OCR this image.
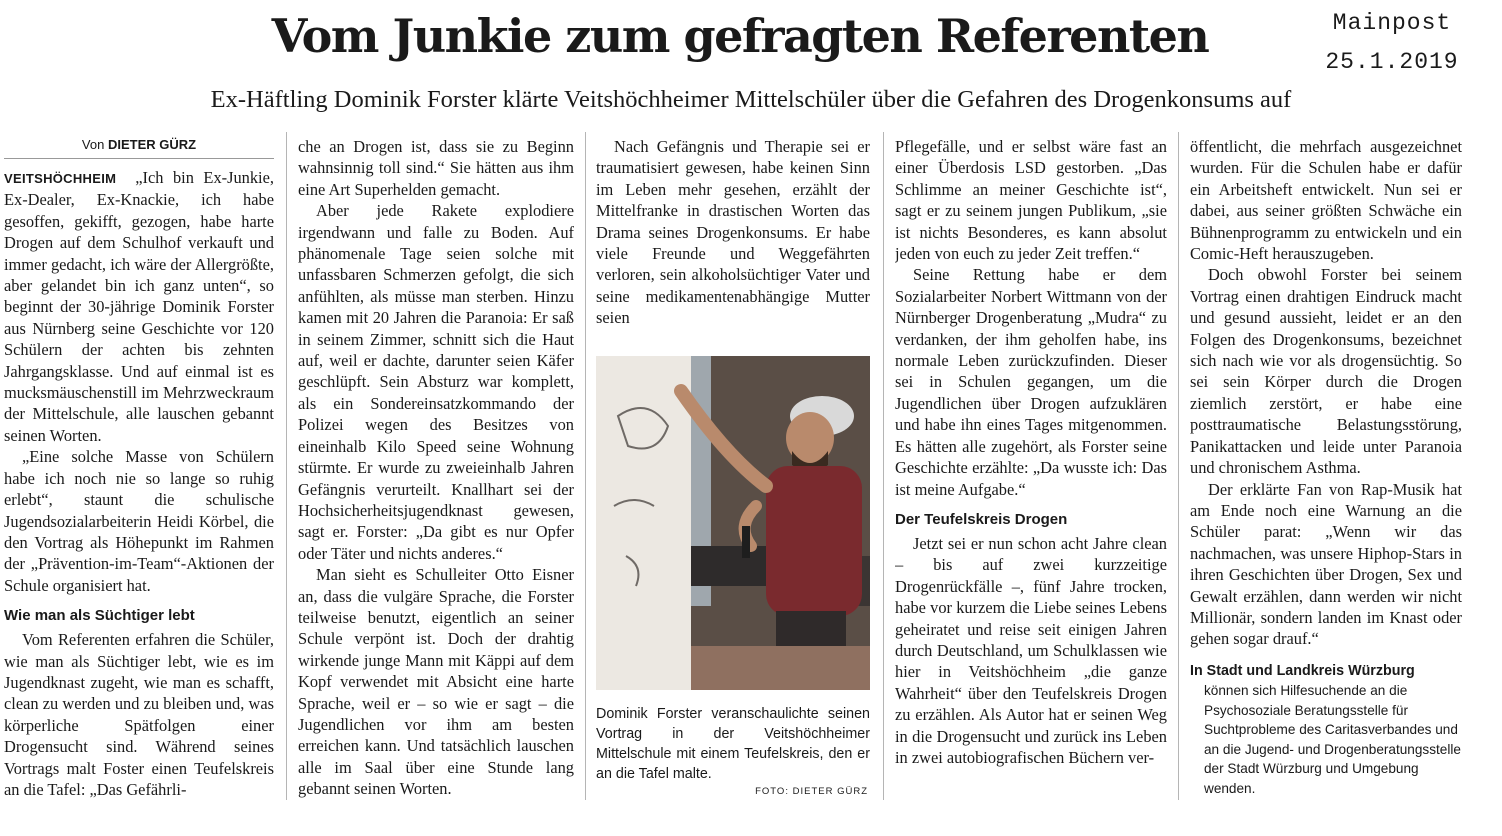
Mainpost
25.1.2019
Vom Junkie zum gefragten Referenten
Ex-Häftling Dominik Forster klärte Veitshöchheimer Mittelschüler über die Gefahren des Drogenkonsums auf
Von DIETER GÜRZ

VEITSHÖCHHEIM „Ich bin Ex-Junkie, Ex-Dealer, Ex-Knackie, ich habe gesoffen, gekifft, gezogen, habe harte Drogen auf dem Schulhof verkauft und immer gedacht, ich wäre der Allergrößte, aber gelandet bin ich ganz unten“, so beginnt der 30-jährige Dominik Forster aus Nürnberg seine Geschichte vor 120 Schülern der achten bis zehnten Jahrgangsklasse. Und auf einmal ist es mucksmäuschenstill im Mehrzweckraum der Mittelschule, alle lauschen gebannt seinen Worten.

„Eine solche Masse von Schülern habe ich noch nie so lange so ruhig erlebt“, staunt die schulische Jugendsozialarbeiterin Heidi Körbel, die den Vortrag als Höhepunkt im Rahmen der „Prävention-im-Team“-Aktionen der Schule organisiert hat.

Wie man als Süchtiger lebt

Vom Referenten erfahren die Schüler, wie man als Süchtiger lebt, wie es im Jugendknast zugeht, wie man es schafft, clean zu werden und zu bleiben und, was körperliche Spätfolgen einer Drogensucht sind. Während seines Vortrags malt Foster einen Teufelskreis an die Tafel: „Das Gefährli-

che an Drogen ist, dass sie zu Beginn wahnsinnig toll sind.“ Sie hätten aus ihm eine Art Superhelden gemacht.

Aber jede Rakete explodiere irgendwann und falle zu Boden. Auf phänomenale Tage seien solche mit unfassbaren Schmerzen gefolgt, die sich anfühlten, als müsse man sterben. Hinzu kamen mit 20 Jahren die Paranoia: Er saß in seinem Zimmer, schnitt sich die Haut auf, weil er dachte, darunter seien Käfer geschlüpft. Sein Absturz war komplett, als ein Sondereinsatzkommando der Polizei wegen des Besitzes von eineinhalb Kilo Speed seine Wohnung stürmte. Er wurde zu zweieinhalb Jahren Gefängnis verurteilt. Knallhart sei der Hochsicherheitsjugendknast gewesen, sagt er. Forster: „Da gibt es nur Opfer oder Täter und nichts anderes.“

Man sieht es Schulleiter Otto Eisner an, dass die vulgäre Sprache, die Forster teilweise benutzt, eigentlich an seiner Schule verpönt ist. Doch der drahtig wirkende junge Mann mit Käppi auf dem Kopf verwendet mit Absicht eine harte Sprache, weil er – so wie er sagt – die Jugendlichen vor ihm am besten erreichen kann. Und tatsächlich lauschen alle im Saal über eine Stunde lang gebannt seinen Worten.

Nach Gefängnis und Therapie sei er traumatisiert gewesen, habe keinen Sinn im Leben mehr gesehen, erzählt der Mittelfranke in drastischen Worten das Drama seines Drogenkonsums. Er habe viele Freunde und Weggefährten verloren, sein alkoholsüchtiger Vater und seine medikamentenabhängige Mutter seien

Dominik Forster veranschaulichte seinen Vortrag in der Veitshöchheimer Mittelschule mit einem Teufelskreis, den er an die Tafel malte.
FOTO: DIETER GÜRZ

Pflegefälle, und er selbst wäre fast an einer Überdosis LSD gestorben. „Das Schlimme an meiner Geschichte ist“, sagt er zu seinem jungen Publikum, „sie ist nichts Besonderes, es kann absolut jeden von euch zu jeder Zeit treffen.“

Seine Rettung habe er dem Sozialarbeiter Norbert Wittmann von der Nürnberger Drogenberatung „Mudra“ zu verdanken, der ihm geholfen habe, ins normale Leben zurückzufinden. Dieser sei in Schulen gegangen, um die Jugendlichen über Drogen aufzuklären und habe ihn eines Tages mitgenommen. Es hätten alle zugehört, als Forster seine Geschichte erzählte: „Da wusste ich: Das ist meine Aufgabe.“

Der Teufelskreis Drogen

Jetzt sei er nun schon acht Jahre clean – bis auf zwei kurzzeitige Drogenrückfälle –, fünf Jahre trocken, habe vor kurzem die Liebe seines Lebens geheiratet und reise seit einigen Jahren durch Deutschland, um Schulklassen wie hier in Veitshöchheim „die ganze Wahrheit“ über den Teufelskreis Drogen zu erzählen. Als Autor hat er seinen Weg in die Drogensucht und zurück ins Leben in zwei autobiografischen Büchern ver-

öffentlicht, die mehrfach ausgezeichnet wurden. Für die Schulen habe er dafür ein Arbeitsheft entwickelt. Nun sei er dabei, aus seiner größten Schwäche ein Bühnenprogramm zu entwickeln und ein Comic-Heft herauszugeben.

Doch obwohl Forster bei seinem Vortrag einen drahtigen Eindruck macht und gesund aussieht, leidet er an den Folgen des Drogenkonsums, bezeichnet sich nach wie vor als drogensüchtig. So sei sein Körper durch die Drogen ziemlich zerstört, er habe eine posttraumatische Belastungsstörung, Panikattacken und leide unter Paranoia und chronischem Asthma.

Der erklärte Fan von Rap-Musik hat am Ende noch eine Warnung an die Schüler parat: „Wenn wir das nachmachen, was unsere Hiphop-Stars in ihren Geschichten über Drogen, Sex und Gewalt erzählen, dann werden wir nicht Millionär, sondern landen im Knast oder gehen sogar drauf.“

In Stadt und Landkreis Würzburg
können sich Hilfesuchende an die Psychosoziale Beratungsstelle für Suchtprobleme des Caritasverbandes und an die Jugend- und Drogenberatungsstelle der Stadt Würzburg und Umgebung wenden.
